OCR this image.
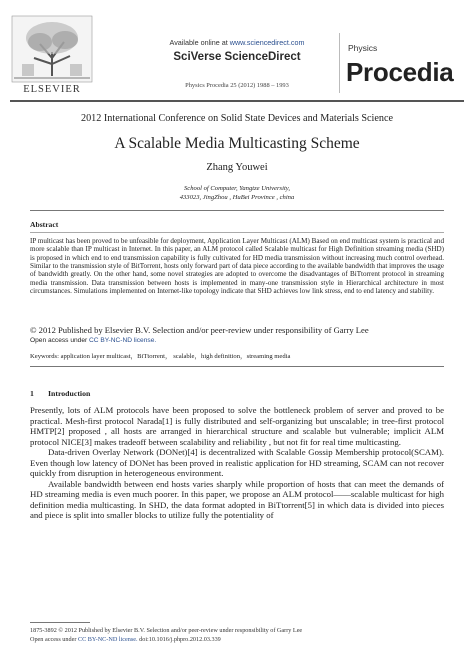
ELSEVIER
Available online at www.sciencedirect.com
SciVerse ScienceDirect
Physics Procedia 25 (2012) 1988 – 1993
Physics
Procedia
2012 International Conference on Solid State Devices and Materials Science
A Scalable Media Multicasting Scheme
Zhang Youwei
School of Computer, Yangtze University,
433023, JingZhou , HuBei Province , china
Abstract
IP multicast has been proved to be unfeasible for deployment, Application Layer Multicast (ALM) Based on end multicast system is practical and more scalable than IP multicast in Internet. In this paper, an ALM protocol called Scalable multicast for High Definition streaming media (SHD) is proposed in which end to end transmission capability is fully cultivated for HD media transmission without increasing much control overhead. Similar to the transmission style of BitTorrent, hosts only forward part of data piece according to the available bandwidth that improves the usage of bandwidth greatly. On the other hand, some novel strategies are adopted to overcome the disadvantages of BiTtorrent protocol in streaming media transmission. Data transmission between hosts is implemented in many-one transmission style in Hierarchical architecture in most circumstances. Simulations implemented on Internet-like topology indicate that SHD achieves low link stress, end to end latency and stability.
© 2012 Published by Elsevier B.V. Selection and/or peer-review under responsibility of Garry Lee
Open access under CC BY-NC-ND license.
Keywords: application layer multicast，BiTtorrent， scalable，high definition，streaming media
1 Introduction

Presently, lots of ALM protocols have been proposed to solve the bottleneck problem of server and proved to be practical. Mesh-first protocol Narada[1] is fully distributed and self-organizing but unscalable; in tree-first protocol HMTP[2] proposed , all hosts are arranged in hierarchical structure and scalable but vulnerable; implicit ALM protocol NICE[3] makes tradeoff between scalability and reliability , but not fit for real time multicasting.

Data-driven Overlay Network (DONet)[4] is decentralized with Scalable Gossip Membership protocol(SCAM). Even though low latency of DONet has been proved in realistic application for HD streaming, SCAM can not recover quickly from disruption in heterogeneous environment.

Available bandwidth between end hosts varies sharply while proportion of hosts that can meet the demands of HD streaming media is even much poorer. In this paper, we propose an ALM protocol——scalable multicast for high definition media multicasting. In SHD, the data format adopted in BiTtorrent[5] in which data is divided into pieces and piece is split into smaller blocks to utilize fully the potentiality of

1875-3892 © 2012 Published by Elsevier B.V. Selection and/or peer-review under responsibility of Garry Lee
Open access under CC BY-NC-ND license. doi:10.1016/j.phpro.2012.03.339
